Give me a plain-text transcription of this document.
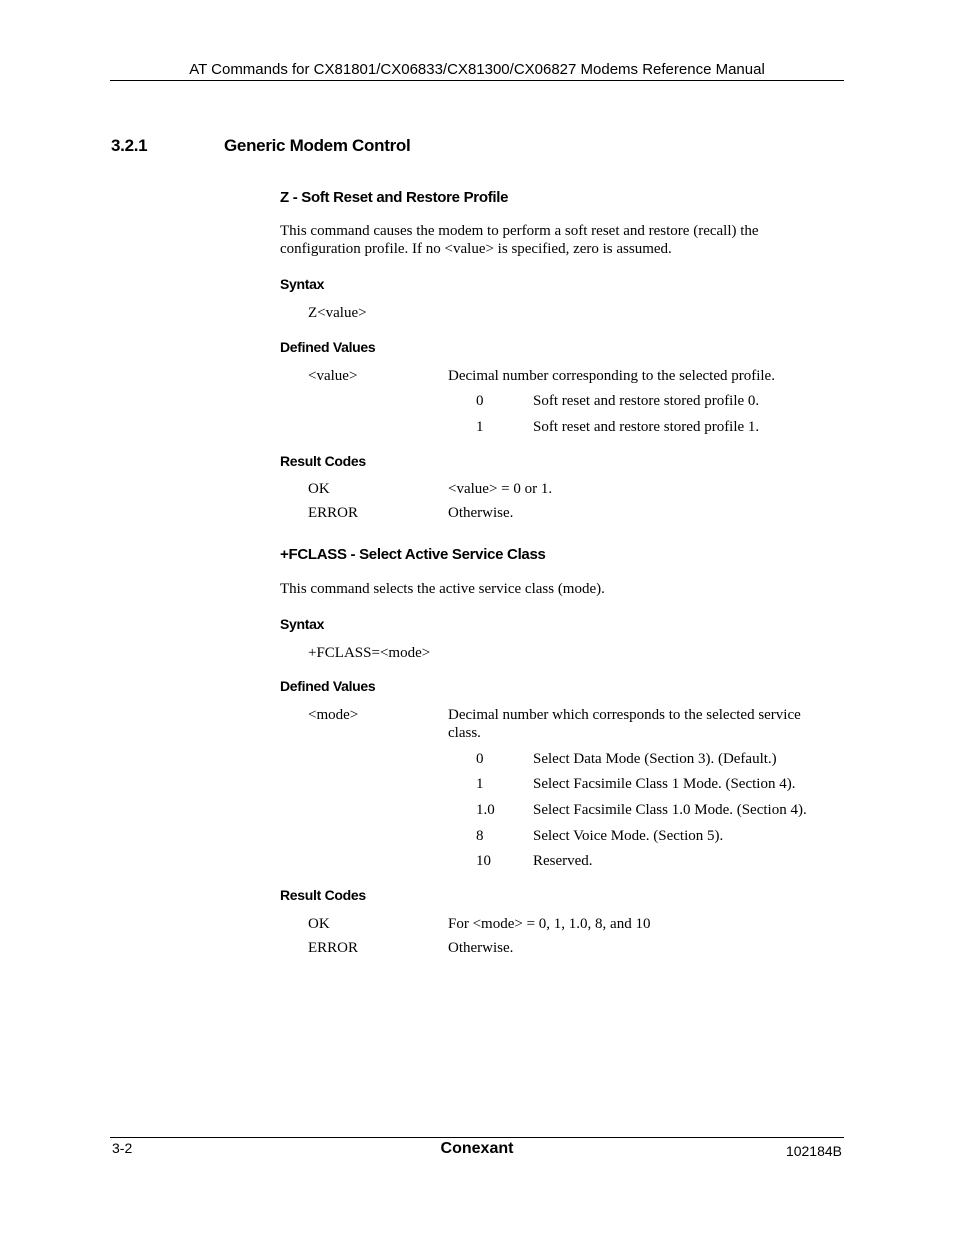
AT Commands for CX81801/CX06833/CX81300/CX06827 Modems Reference Manual
3.2.1	Generic Modem Control
Z - Soft Reset and Restore Profile
This command causes the modem to perform a soft reset and restore (recall) the configuration profile. If no <value> is specified, zero is assumed.
Syntax
Z<value>
Defined Values
<value>	Decimal number corresponding to the selected profile.
0	Soft reset and restore stored profile 0.
1	Soft reset and restore stored profile 1.
Result Codes
OK	<value> = 0 or 1.
ERROR	Otherwise.
+FCLASS - Select Active Service Class
This command selects the active service class (mode).
Syntax
+FCLASS=<mode>
Defined Values
<mode>	Decimal number which corresponds to the selected service class.
0	Select Data Mode (Section 3). (Default.)
1	Select Facsimile Class 1 Mode. (Section 4).
1.0	Select Facsimile Class 1.0 Mode. (Section 4).
8	Select Voice Mode. (Section 5).
10	Reserved.
Result Codes
OK	For <mode> = 0, 1, 1.0, 8, and 10
ERROR	Otherwise.
3-2	Conexant	102184B
